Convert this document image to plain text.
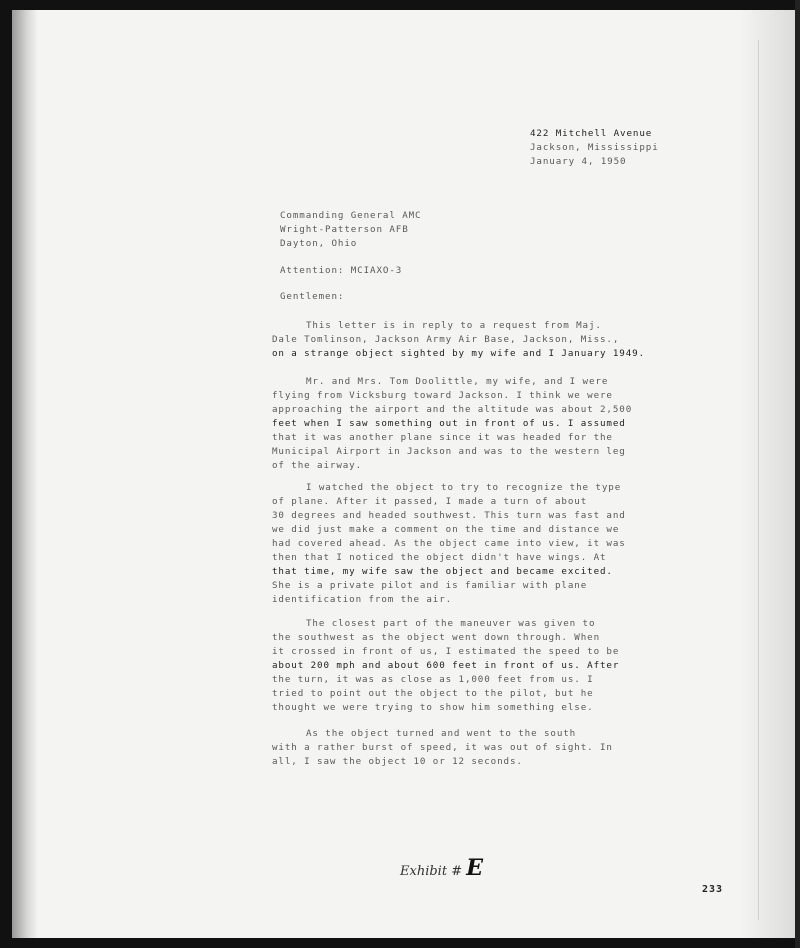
422 Mitchell Avenue
Jackson, Mississippi
January 4, 1950
Commanding General AMC
Wright-Patterson AFB
Dayton, Ohio
Attention: MCIAXO-3
Gentlemen:
This letter is in reply to a request from Maj.
Dale Tomlinson, Jackson Army Air Base, Jackson, Miss.,
on a strange object sighted by my wife and I January 1949.
Mr. and Mrs. Tom Doolittle, my wife, and I were
flying from Vicksburg toward Jackson. I think we were
approaching the airport and the altitude was about 2,500
feet when I saw something out in front of us. I assumed
that it was another plane since it was headed for the
Municipal Airport in Jackson and was to the western leg
of the airway.
I watched the object to try to recognize the type
of plane. After it passed, I made a turn of about
30 degrees and headed southwest. This turn was fast and
we did just make a comment on the time and distance we
had covered ahead. As the object came into view, it was
then that I noticed the object didn't have wings. At
that time, my wife saw the object and became excited.
She is a private pilot and is familiar with plane
identification from the air.
The closest part of the maneuver was given to
the southwest as the object went down through. When
it crossed in front of us, I estimated the speed to be
about 200 mph and about 600 feet in front of us. After
the turn, it was as close as 1,000 feet from us. I
tried to point out the object to the pilot, but he
thought we were trying to show him something else.
As the object turned and went to the south
with a rather burst of speed, it was out of sight. In
all, I saw the object 10 or 12 seconds.
Exhibit # E
233
